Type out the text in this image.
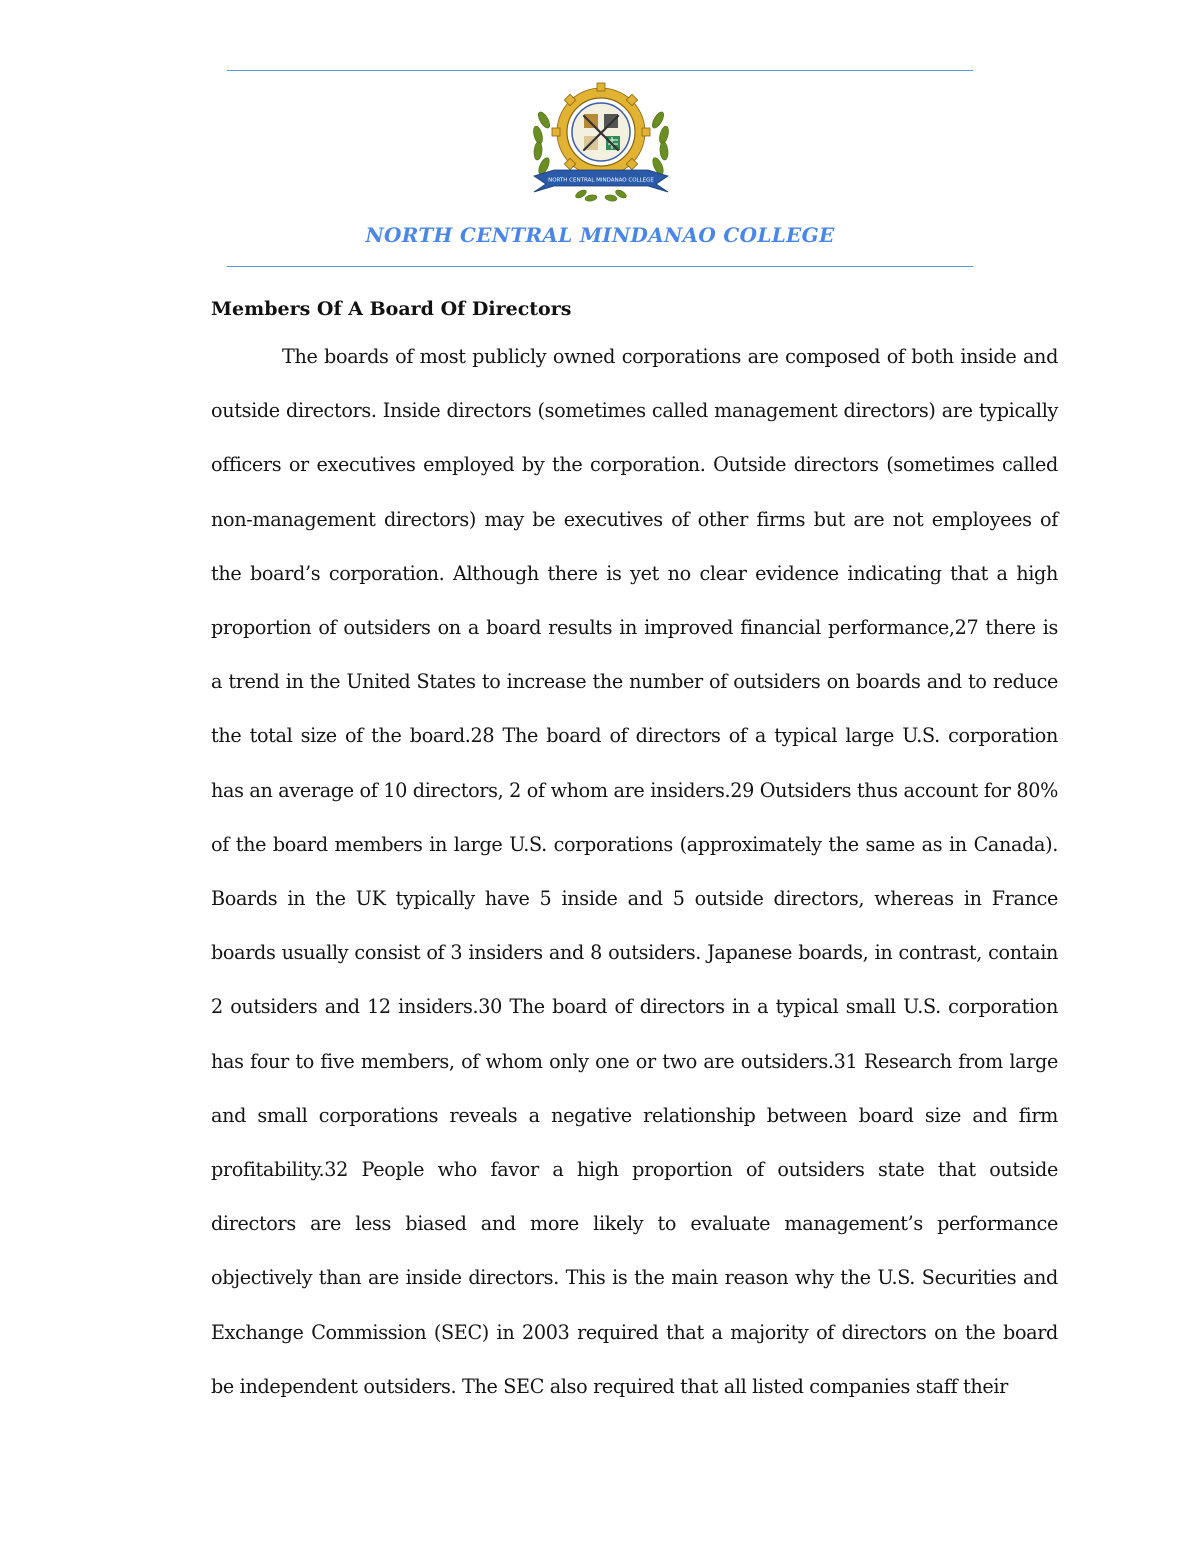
NORTH CENTRAL MINDANAO COLLEGE
NORTH CENTRAL MINDANAO COLLEGE
Members Of A Board Of Directors

The boards of most publicly owned corporations are composed of both inside and outside directors. Inside directors (sometimes called management directors) are typically officers or executives employed by the corporation. Outside directors (sometimes called non-management directors) may be executives of other firms but are not employees of the board’s corporation. Although there is yet no clear evidence indicating that a high proportion of outsiders on a board results in improved financial performance,27 there is a trend in the United States to increase the number of outsiders on boards and to reduce the total size of the board.28 The board of directors of a typical large U.S. corporation has an average of 10 directors, 2 of whom are insiders.29 Outsiders thus account for 80% of the board members in large U.S. corporations (approximately the same as in Canada). Boards in the UK typically have 5 inside and 5 outside directors, whereas in France boards usually consist of 3 insiders and 8 outsiders. Japanese boards, in contrast, contain 2 outsiders and 12 insiders.30 The board of directors in a typical small U.S. corporation has four to five members, of whom only one or two are outsiders.31 Research from large and small corporations reveals a negative relationship between board size and firm profitability.32 People who favor a high proportion of outsiders state that outside directors are less biased and more likely to evaluate management’s performance objectively than are inside directors. This is the main reason why the U.S. Securities and Exchange Commission (SEC) in 2003 required that a majority of directors on the board be independent outsiders. The SEC also required that all listed companies staff their
